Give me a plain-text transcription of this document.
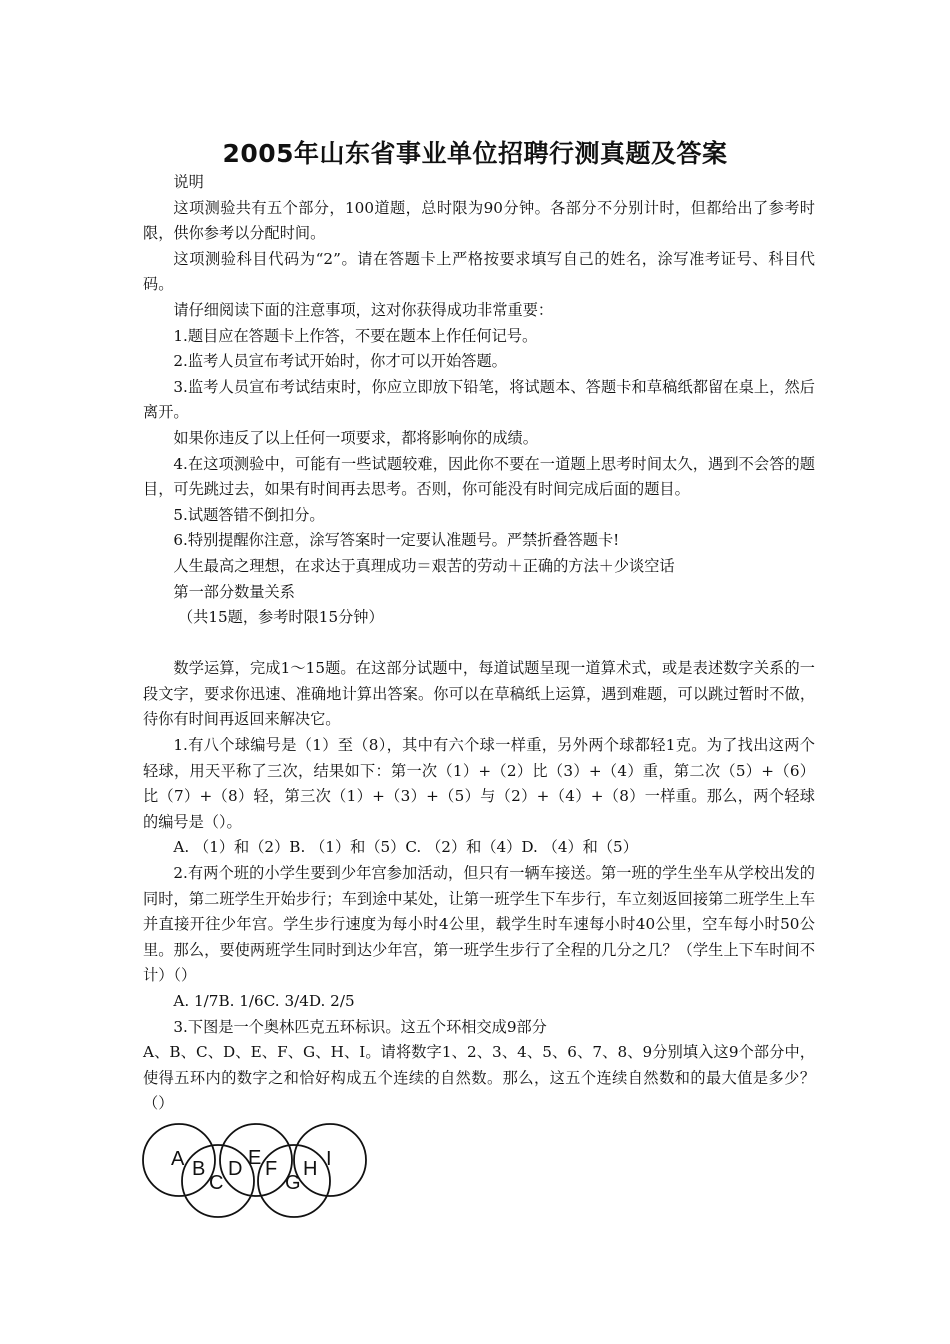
2005年山东省事业单位招聘行测真题及答案

说明

这项测验共有五个部分，100道题，总时限为90分钟。各部分不分别计时，但都给出了参考时限，供你参考以分配时间。

这项测验科目代码为“2”。请在答题卡上严格按要求填写自己的姓名，涂写准考证号、科目代码。

请仔细阅读下面的注意事项，这对你获得成功非常重要：

1.题目应在答题卡上作答，不要在题本上作任何记号。

2.监考人员宣布考试开始时，你才可以开始答题。

3.监考人员宣布考试结束时，你应立即放下铅笔，将试题本、答题卡和草稿纸都留在桌上，然后离开。

如果你违反了以上任何一项要求，都将影响你的成绩。

4.在这项测验中，可能有一些试题较难，因此你不要在一道题上思考时间太久，遇到不会答的题目，可先跳过去，如果有时间再去思考。否则，你可能没有时间完成后面的题目。

5.试题答错不倒扣分。

6.特别提醒你注意，涂写答案时一定要认准题号。严禁折叠答题卡!

人生最高之理想，在求达于真理成功＝艰苦的劳动＋正确的方法＋少谈空话

第一部分数量关系

（共15题，参考时限15分钟）

数学运算，完成1～15题。在这部分试题中，每道试题呈现一道算术式，或是表述数字关系的一段文字，要求你迅速、准确地计算出答案。你可以在草稿纸上运算，遇到难题，可以跳过暂时不做，待你有时间再返回来解决它。

1.有八个球编号是（1）至（8），其中有六个球一样重，另外两个球都轻1克。为了找出这两个轻球，用天平称了三次，结果如下：第一次（1）+（2）比（3）+（4）重，第二次（5）+（6）比（7）+（8）轻，第三次（1）+（3）+（5）与（2）+（4）+（8）一样重。那么，两个轻球的编号是（）。

A. （1）和（2）B. （1）和（5）C. （2）和（4）D. （4）和（5）

2.有两个班的小学生要到少年宫参加活动，但只有一辆车接送。第一班的学生坐车从学校出发的同时，第二班学生开始步行；车到途中某处，让第一班学生下车步行，车立刻返回接第二班学生上车并直接开往少年宫。学生步行速度为每小时4公里，载学生时车速每小时40公里，空车每小时50公里。那么，要使两班学生同时到达少年宫，第一班学生步行了全程的几分之几？（学生上下车时间不计）（）

A. 1/7B. 1/6C. 3/4D. 2/5

3.下图是一个奥林匹克五环标识。这五个环相交成9部分

A、B、C、D、E、F、G、H、I。请将数字1、2、3、4、5、6、7、8、9分别填入这9个部分中，使得五环内的数字之和恰好构成五个连续的自然数。那么，这五个连续自然数和的最大值是多少？（）

A B
C
D E F
G
H I
